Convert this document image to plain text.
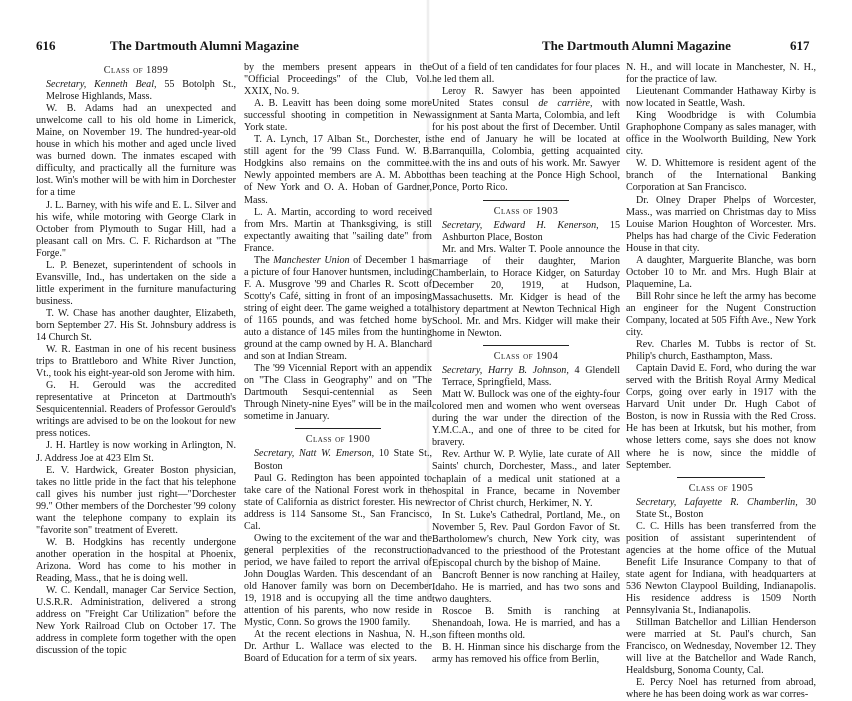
616	The Dartmouth Alumni Magazine	The Dartmouth Alumni Magazine	617

Class of 1899

Secretary, Kenneth Beal, 55 Botolph St., Melrose Highlands, Mass.

W. B. Adams had an unexpected and unwelcome call to his old home in Limerick, Maine, on November 19. The hundred-year-old house in which his mother and aged uncle lived was burned down. The inmates escaped with difficulty, and practically all the furniture was lost. Win's mother will be with him in Dorchester for a time

J. L. Barney, with his wife and E. L. Silver and his wife, while motoring with George Clark in October from Plymouth to Sugar Hill, had a pleasant call on Mrs. C. F. Richardson at "The Forge."

L. P. Benezet, superintendent of schools in Evansville, Ind., has undertaken on the side a little experiment in the furniture manufacturing business.

T. W. Chase has another daughter, Elizabeth, born September 27. His St. Johnsbury address is 14 Church St.

W. R. Eastman in one of his recent business trips to Brattleboro and White River Junction, Vt., took his eight-year-old son Jerome with him.

G. H. Gerould was the accredited representative at Princeton at Dartmouth's Sesquicentennial. Readers of Professor Gerould's writings are advised to be on the lookout for new press notices.

J. H. Hartley is now working in Arlington, N. J. Address Joe at 423 Elm St.

E. V. Hardwick, Greater Boston physician, takes no little pride in the fact that his telephone call gives his number just right—"Dorchester 99." Other members of the Dorchester '99 colony want the telephone company to explain its "favorite son" treatment of Everett.

W. B. Hodgkins has recently undergone another operation in the hospital at Phoenix, Arizona. Word has come to his mother in Reading, Mass., that he is doing well.

W. C. Kendall, manager Car Service Section, U.S.R.R. Administration, delivered a strong address on "Freight Car Utilization" before the New York Railroad Club on October 17. The address in complete form together with the open discussion of the topic

by the members present appears in the "Official Proceedings" of the Club, Vol. XXIX, No. 9.

A. B. Leavitt has been doing some more successful shooting in competition in New York state.

T. A. Lynch, 17 Alban St., Dorchester, is still agent for the '99 Class Fund. W. B. Hodgkins also remains on the committee. Newly appointed members are A. M. Abbott of New York and O. A. Hoban of Gardner, Mass.

L. A. Martin, according to word received from Mrs. Martin at Thanksgiving, is still expectantly awaiting that "sailing date" from France.

The Manchester Union of December 1 has a picture of four Hanover huntsmen, including F. A. Musgrove '99 and Charles R. Scott of Scotty's Café, sitting in front of an imposing string of eight deer. The game weighed a total of 1165 pounds, and was fetched home by auto a distance of 145 miles from the hunting ground at the camp owned by H. A. Blanchard and son at Indian Stream.

The '99 Vicennial Report with an appendix on "The Class in Geography" and on "The Dartmouth Sesqui-centennial as Seen Through Ninety-nine Eyes" will be in the mail sometime in January.

Class of 1900

Secretary, Natt W. Emerson, 10 State St., Boston

Paul G. Redington has been appointed to take care of the National Forest work in the state of California as district forester. His new address is 114 Sansome St., San Francisco, Cal.

Owing to the excitement of the war and the general perplexities of the reconstruction period, we have failed to report the arrival of John Douglas Warden. This descendant of an old Hanover family was born on December 19, 1918 and is occupying all the time and attention of his parents, who now reside in Mystic, Conn. So grows the 1900 family.

At the recent elections in Nashua, N. H., Dr. Arthur L. Wallace was elected to the Board of Education for a term of six years.

Out of a field of ten candidates for four places he led them all.

Leroy R. Sawyer has been appointed United States consul de carrière, with assignment at Santa Marta, Colombia, and left for his post about the first of December. Until the end of January he will be located at Barranquilla, Colombia, getting acquainted with the ins and outs of his work. Mr. Sawyer has been teaching at the Ponce High School, Ponce, Porto Rico.

Class of 1903

Secretary, Edward H. Kenerson, 15 Ashburton Place, Boston

Mr. and Mrs. Walter T. Poole announce the marriage of their daughter, Marion Chamberlain, to Horace Kidger, on Saturday December 20, 1919, at Hudson, Massachusetts. Mr. Kidger is head of the history department at Newton Technical High School. Mr. and Mrs. Kidger will make their home in Newton.

Class of 1904

Secretary, Harry B. Johnson, 4 Glendell Terrace, Springfield, Mass.

Matt W. Bullock was one of the eighty-four colored men and women who went overseas during the war under the direction of the Y.M.C.A., and one of three to be cited for bravery.

Rev. Arthur W. P. Wylie, late curate of All Saints' church, Dorchester, Mass., and later chaplain of a medical unit stationed at a hospital in France, became in November rector of Christ church, Herkimer, N. Y.

In St. Luke's Cathedral, Portland, Me., on November 5, Rev. Paul Gordon Favor of St. Bartholomew's church, New York city, was advanced to the priesthood of the Protestant Episcopal church by the bishop of Maine.

Bancroft Benner is now ranching at Hailey, Idaho. He is married, and has two sons and two daughters.

Roscoe B. Smith is ranching at Shenandoah, Iowa. He is married, and has a son fifteen months old.

B. H. Hinman since his discharge from the army has removed his office from Berlin,

N. H., and will locate in Manchester, N. H., for the practice of law.

Lieutenant Commander Hathaway Kirby is now located in Seattle, Wash.

King Woodbridge is with Columbia Graphophone Company as sales manager, with office in the Woolworth Building, New York city.

W. D. Whittemore is resident agent of the branch of the International Banking Corporation at San Francisco.

Dr. Olney Draper Phelps of Worcester, Mass., was married on Christmas day to Miss Louise Marion Houghton of Worcester. Mrs. Phelps has had charge of the Civic Federation House in that city.

A daughter, Marguerite Blanche, was born October 10 to Mr. and Mrs. Hugh Blair at Plaquemine, La.

Bill Rohr since he left the army has become an engineer for the Nugent Construction Company, located at 505 Fifth Ave., New York city.

Rev. Charles M. Tubbs is rector of St. Philip's church, Easthampton, Mass.

Captain David E. Ford, who during the war served with the British Royal Army Medical Corps, going over early in 1917 with the Harvard Unit under Dr. Hugh Cabot of Boston, is now in Russia with the Red Cross. He has been at Irkutsk, but his mother, from whose letters come, says she does not know where he is now, since the middle of September.

Class of 1905

Secretary, Lafayette R. Chamberlin, 30 State St., Boston

C. C. Hills has been transferred from the position of assistant superintendent of agencies at the home office of the Mutual Benefit Life Insurance Company to that of state agent for Indiana, with headquarters at 536 Newton Claypool Building, Indianapolis. His residence address is 1509 North Pennsylvania St., Indianapolis.

Stillman Batchellor and Lillian Henderson were married at St. Paul's church, San Francisco, on Wednesday, November 12. They will live at the Batchellor and Wade Ranch, Healdsburg, Sonoma County, Cal.

E. Percy Noel has returned from abroad, where he has been doing work as war corres-
